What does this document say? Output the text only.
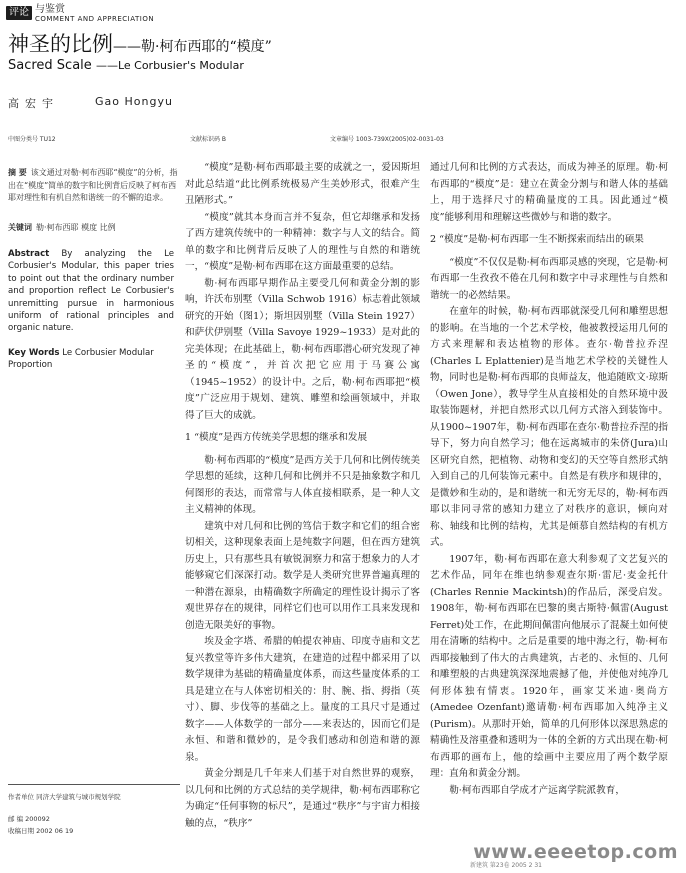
评论 与鉴赏
COMMENT AND APPRECIATION
神圣的比例——勒·柯布西耶的“模度”
Sacred Scale ——Le Corbusier's Modular
高宏宇	Gao Hongyu
中图分类号 TU12	文献标识码 B	文章编号 1003-739X(2005)02-0031-03
摘 要 该文通过对勒·柯布西耶“模度”的分析，指出在“模度”简单的数字和比例背后反映了柯布西耶对理性和有机自然和谐统一的不懈的追求。
关键词 勒·柯布西耶 模度 比例
Abstract By analyzing the Le Corbusier's Modular, this paper tries to point out that the ordinary number and proportion reflect Le Corbusier's unremitting pursue in harmonious uniform of rational principles and organic nature.
Key Words Le Corbusier Modular Proportion
作者单位 同济大学建筑与城市规划学院
邮 编 200092
收稿日期 2002 06 19

“模度”是勒·柯布西耶最主要的成就之一，爱因斯坦对此总结道“此比例系统极易产生美妙形式，很难产生丑陋形式。”

“模度”就其本身而言并不复杂，但它却继承和发扬了西方建筑传统中的一种精神：数字与人文的结合。简单的数字和比例背后反映了人的理性与自然的和谐统一，“模度”是勒·柯布西耶在这方面最重要的总结。

勒·柯布西耶早期作品主要受几何和黄金分割的影响，许沃布别墅（Villa Schwob 1916）标志着此领域研究的开始（图1）；斯坦因别墅（Villa Stein 1927）和萨伏伊别墅（Villa Savoye 1929~1933）是对此的完美体现；在此基础上，勒·柯布西耶潜心研究发现了神圣的“模度”，并首次把它应用于马赛公寓（1945~1952）的设计中。之后，勒·柯布西耶把“模度”广泛应用于规划、建筑、雕塑和绘画领域中，并取得了巨大的成就。

1 “模度”是西方传统美学思想的继承和发展

勒·柯布西耶的“模度”是西方关于几何和比例传统美学思想的延续，这种几何和比例并不只是抽象数字和几何图形的表达，而常常与人体直接相联系，是一种人文主义精神的体现。

建筑中对几何和比例的笃信于数字和它们的组合密切相关，这种现象表面上是纯数字问题，但在西方建筑历史上，只有那些具有敏锐洞察力和富于想象力的人才能够窥它们深深打动。数学是人类研究世界普遍真理的一种潜在源泉，由精确数字所确定的理性设计揭示了客观世界存在的规律，同样它们也可以用作工具来发现和创造无限美好的事物。

埃及金字塔、希腊的帕提农神庙、印度寺庙和文艺复兴教堂等许多伟大建筑，在建造的过程中都采用了以数学规律为基础的精确量度体系，而这些量度体系的工具是建立在与人体密切相关的：肘、腕、指、拇指（英寸）、脚、步伐等的基础之上。量度的工具尺寸是通过数字——人体数学的一部分——来表达的，因而它们是永恒、和谐和微妙的，是令我们感动和创造和谐的源泉。

黄金分割是几千年来人们基于对自然世界的观察，以几何和比例的方式总结的美学规律，勒·柯布西耶称它为确定“任何事物的标尺”，是通过“秩序”与宇宙力相接触的点，“秩序”

通过几何和比例的方式表达，而成为神圣的原理。勒·柯布西耶的“模度”是：建立在黄金分割与和谐人体的基础上，用于选择尺寸的精确量度的工具。因此通过“模度”能够利用和理解这些微妙与和谐的数字。

2 “模度”是勒·柯布西耶一生不断探索而结出的硕果

“模度”不仅仅是勒·柯布西耶灵感的突现，它是勒·柯布西耶一生孜孜不倦在几何和数字中寻求理性与自然和谐统一的必然结果。

在童年的时候，勒·柯布西耶就深受几何和雕塑思想的影响。在当地的一个艺术学校，他被教授运用几何的方式来理解和表达植物的形体。查尔·勒普拉乔涅(Charles L Eplattenier)是当地艺术学校的关键性人物，同时也是勒·柯布西耶的良师益友，他追随欧文·琼斯（Owen Jone），教导学生从直接相处的自然环境中汲取装饰题材，并把自然形式以几何方式溶入到装饰中。从1900~1907年，勒·柯布西耶在查尔·勒普拉乔涅的指导下，努力向自然学习；他在远离城市的朱侪(Jura)山区研究自然，把植物、动物和变幻的天空等自然形式纳入到自己的几何装饰元素中。自然是有秩序和规律的，是微妙和生动的，是和谐统一和无穷无尽的，勒·柯布西耶以非同寻常的感知力建立了对秩序的意识，倾向对称、轴线和比例的结构，尤其是倾慕自然结构的有机方式。

1907年，勒·柯布西耶在意大利参观了文艺复兴的艺术作品，同年在维也纳参观查尔斯·雷尼·麦金托什(Charles Rennie Mackintsh)的作品后，深受启发。1908年，勒·柯布西耶在巴黎的奥古斯特·佩雷(August Ferret)处工作，在此期间佩雷向他展示了混凝土如何使用在清晰的结构中。之后是重要的地中海之行，勒·柯布西耶接触到了伟大的古典建筑，古老的、永恒的、几何和雕塑般的古典建筑深深地震撼了他，并使他对纯净几何形体独有情衷。1920年，画家艾米迪·奥尚方(Amedee Ozenfant)邀请勒·柯布西耶加入纯净主义(Purism)。从那时开始，简单的几何形体以深思熟虑的精确性及溶重叠和透明为一体的全新的方式出现在勒·柯布西耶的画布上，他的绘画中主要应用了两个数学原理：直角和黄金分割。

勒·柯布西耶自学成才产远离学院派教育，

新建筑 第23卷 2005 2 31
www.eeeetop.com
